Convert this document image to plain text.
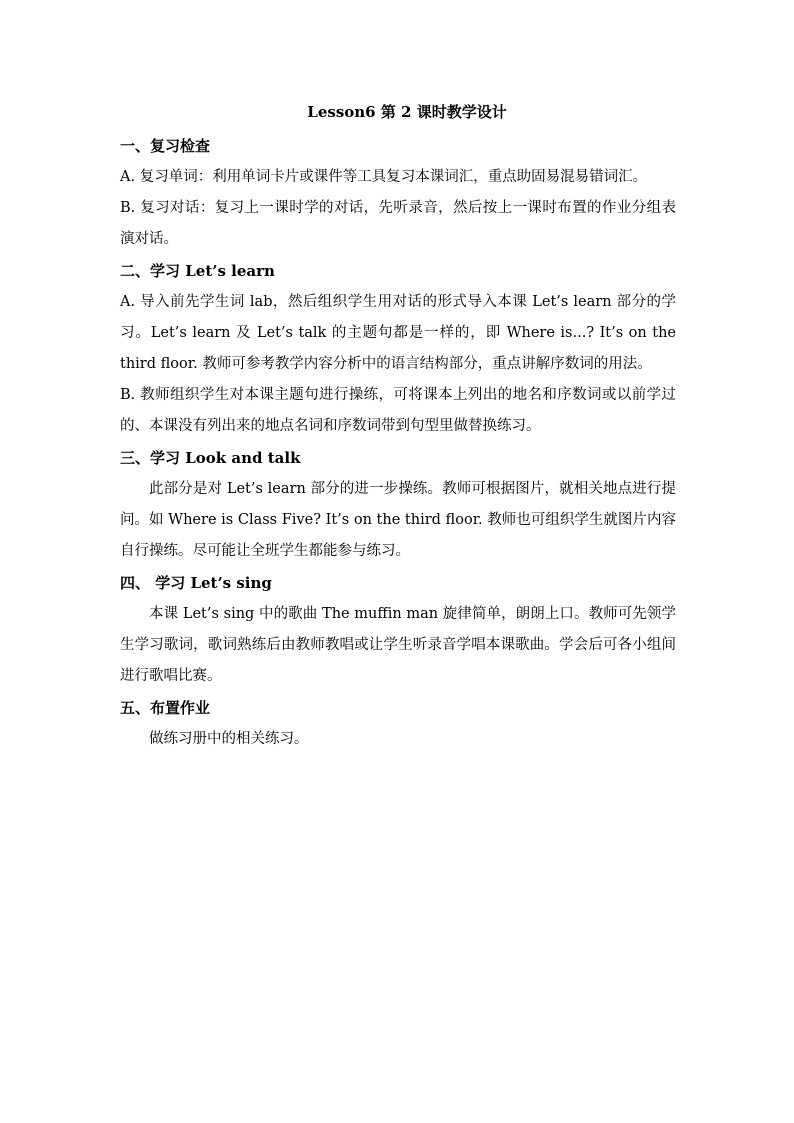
Lesson6 第 2 课时教学设计
一、复习检查

A. 复习单词：利用单词卡片或课件等工具复习本课词汇，重点助固易混易错词汇。

B. 复习对话：复习上一课时学的对话，先听录音，然后按上一课时布置的作业分组表演对话。

二、学习 Let’s learn

A. 导入前先学生词 lab，然后组织学生用对话的形式导入本课 Let’s learn 部分的学习。Let’s learn 及 Let’s talk 的主题句都是一样的，即 Where is...? It’s on the third floor. 教师可参考教学内容分析中的语言结构部分，重点讲解序数词的用法。

B. 教师组织学生对本课主题句进行操练，可将课本上列出的地名和序数词或以前学过的、本课没有列出来的地点名词和序数词带到句型里做替换练习。

三、学习 Look and talk

此部分是对 Let’s learn 部分的进一步操练。教师可根据图片，就相关地点进行提问。如 Where is Class Five? It’s on the third floor. 教师也可组织学生就图片内容自行操练。尽可能让全班学生都能参与练习。

四、 学习 Let’s sing

本课 Let’s sing 中的歌曲 The muffin man 旋律简单，朗朗上口。教师可先领学生学习歌词，歌词熟练后由教师教唱或让学生听录音学唱本课歌曲。学会后可各小组间进行歌唱比赛。

五、布置作业

做练习册中的相关练习。
